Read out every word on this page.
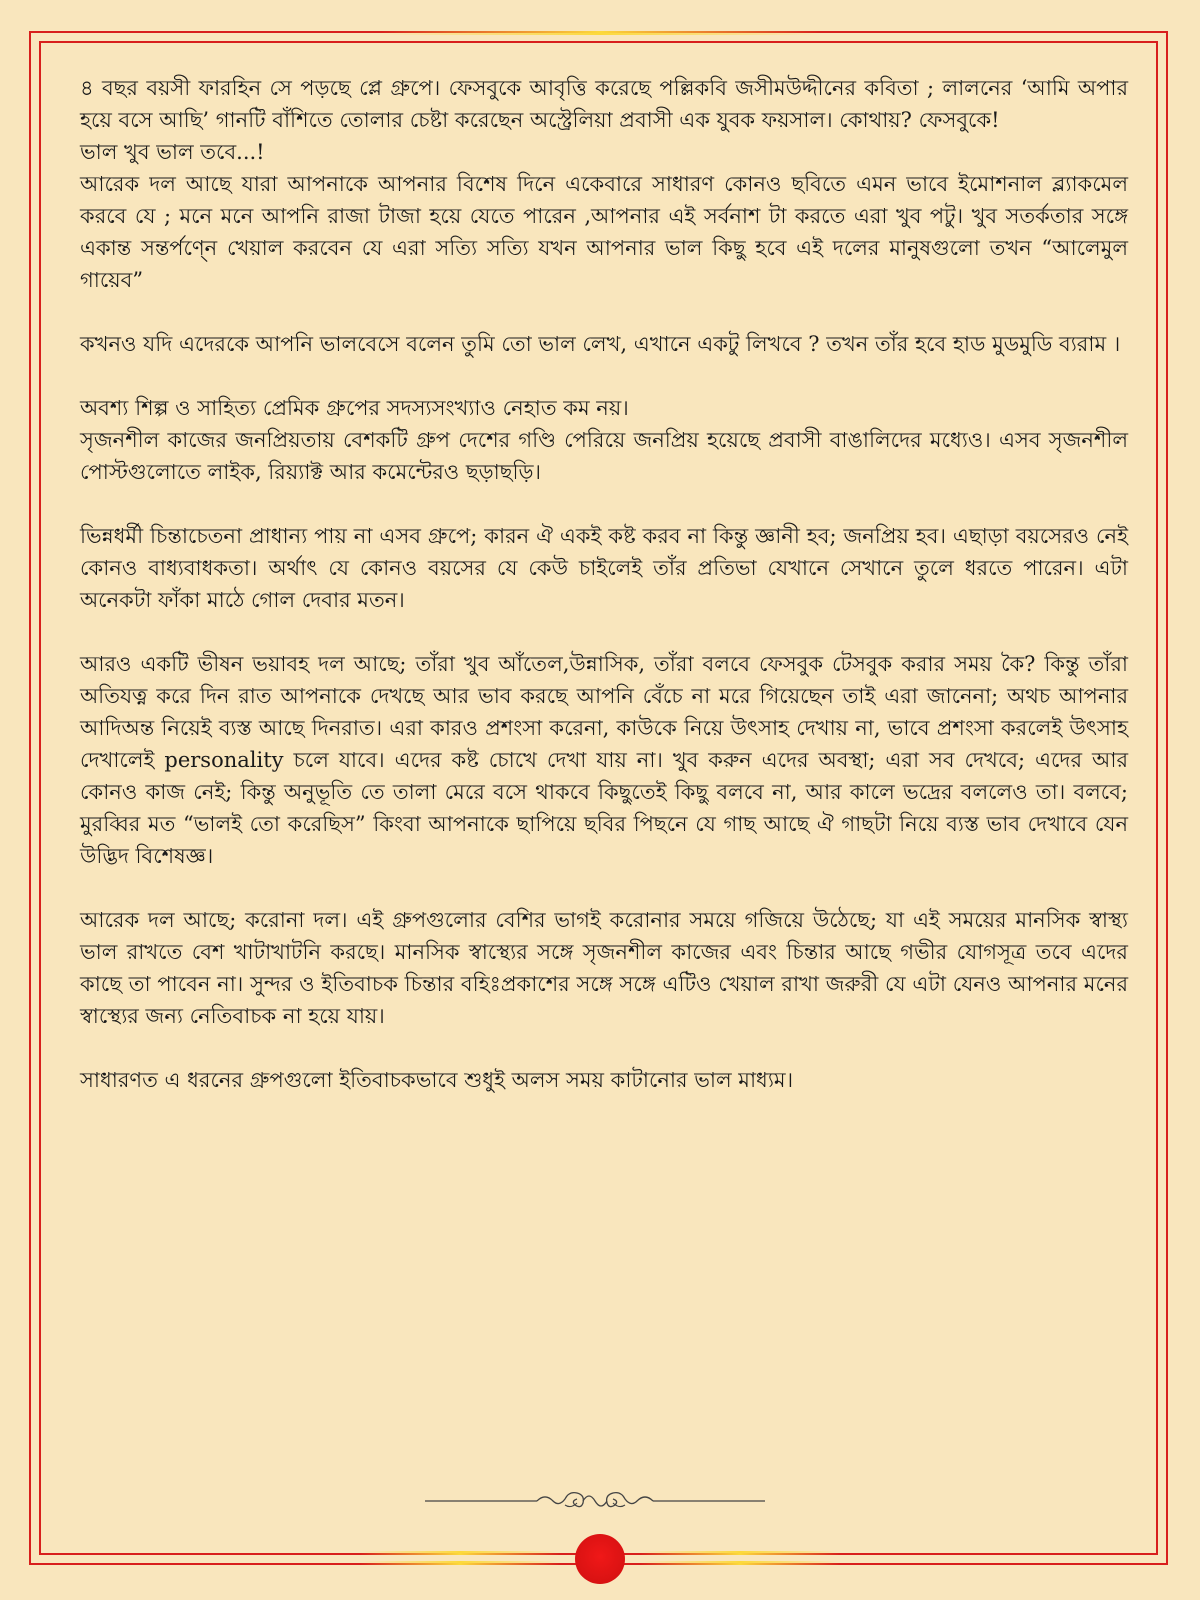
৪ বছর বয়সী ফারহিন সে পড়ছে প্লে গ্রুপে। ফেসবুকে আবৃত্তি করেছে পল্লিকবি জসীমউদ্দীনের কবিতা ; লালনের ‘আমি অপার হয়ে বসে আছি’ গানটি বাঁশিতে তোলার চেষ্টা করেছেন অস্ট্রেলিয়া প্রবাসী এক যুবক ফয়সাল। কোথায়? ফেসবুকে!
ভাল খুব ভাল তবে...!
আরেক দল আছে যারা আপনাকে আপনার বিশেষ দিনে একেবারে সাধারণ কোনও ছবিতে এমন ভাবে ইমোশনাল ব্ল্যাকমেল করবে যে ; মনে মনে আপনি রাজা টাজা হয়ে যেতে পারেন ,আপনার এই সর্বনাশ টা করতে এরা খুব পটু। খুব সতর্কতার সঙ্গে একান্ত সন্তর্পণ্নে খেয়াল করবেন যে এরা সত্যি সত্যি যখন আপনার ভাল কিছু হবে এই দলের মানুষগুলো তখন “আলেমুল গায়েব”

কখনও যদি এদেরকে আপনি ভালবেসে বলেন তুমি তো ভাল লেখ, এখানে একটু লিখবে ? তখন তাঁর হবে হাড মুডমুডি ব্যরাম ।

অবশ্য শিল্প ও সাহিত্য প্রেমিক গ্রুপের সদস্যসংখ্যাও নেহাত কম নয়।
সৃজনশীল কাজের জনপ্রিয়তায় বেশকটি গ্রুপ দেশের গণ্ডি পেরিয়ে জনপ্রিয় হয়েছে প্রবাসী বাঙালিদের মধ্যেও। এসব সৃজনশীল পোস্টগুলোতে লাইক, রিয়্যাক্ট আর কমেন্টেরও ছড়াছড়ি।

ভিন্নধর্মী চিন্তাচেতনা প্রাধান্য পায় না এসব গ্রুপে; কারন ঐ একই কষ্ট করব না কিন্তু জ্ঞানী হব; জনপ্রিয় হব। এছাড়া বয়সেরও নেই কোনও বাধ্যবাধকতা। অর্থাৎ যে কোনও বয়সের যে কেউ চাইলেই তাঁর প্রতিভা যেখানে সেখানে তুলে ধরতে পারেন। এটা অনেকটা ফাঁকা মাঠে গোল দেবার মতন।

আরও একটি ভীষন ভয়াবহ দল আছে; তাঁরা খুব আঁতেল,উন্নাসিক, তাঁরা বলবে ফেসবুক টেসবুক করার সময় কৈ? কিন্তু তাঁরা অতিযত্ন করে দিন রাত আপনাকে দেখছে আর ভাব করছে আপনি বেঁচে না মরে গিয়েছেন তাই এরা জানেনা; অথচ আপনার আদিঅন্ত নিয়েই ব্যস্ত আছে দিনরাত। এরা কারও প্রশংসা করেনা, কাউকে নিয়ে উৎসাহ দেখায় না, ভাবে প্রশংসা করলেই উৎসাহ দেখালেই personality চলে যাবে। এদের কষ্ট চোখে দেখা যায় না। খুব করুন এদের অবস্থা; এরা সব দেখবে; এদের আর কোনও কাজ নেই; কিন্তু অনুভূতি তে তালা মেরে বসে থাকবে কিছুতেই কিছু বলবে না, আর কালে ভদ্রের বললেও তা। বলবে; মুরব্বির মত “ভালই তো করেছিস” কিংবা আপনাকে ছাপিয়ে ছবির পিছনে যে গাছ আছে ঐ গাছটা নিয়ে ব্যস্ত ভাব দেখাবে যেন উদ্ভিদ বিশেষজ্ঞ।

আরেক দল আছে; করোনা দল। এই গ্রুপগুলোর বেশির ভাগই করোনার সময়ে গজিয়ে উঠেছে; যা এই সময়ের মানসিক স্বাস্থ্য ভাল রাখতে বেশ খাটাখাটনি করছে। মানসিক স্বাস্থ্যের সঙ্গে সৃজনশীল কাজের এবং চিন্তার আছে গভীর যোগসূত্র তবে এদের কাছে তা পাবেন না। সুন্দর ও ইতিবাচক চিন্তার বহিঃপ্রকাশের সঙ্গে সঙ্গে এটিও খেয়াল রাখা জরুরী যে এটা যেনও আপনার মনের স্বাস্থ্যের জন্য নেতিবাচক না হয়ে যায়।

সাধারণত এ ধরনের গ্রুপগুলো ইতিবাচকভাবে শুধুই অলস সময় কাটানোর ভাল মাধ্যম।
